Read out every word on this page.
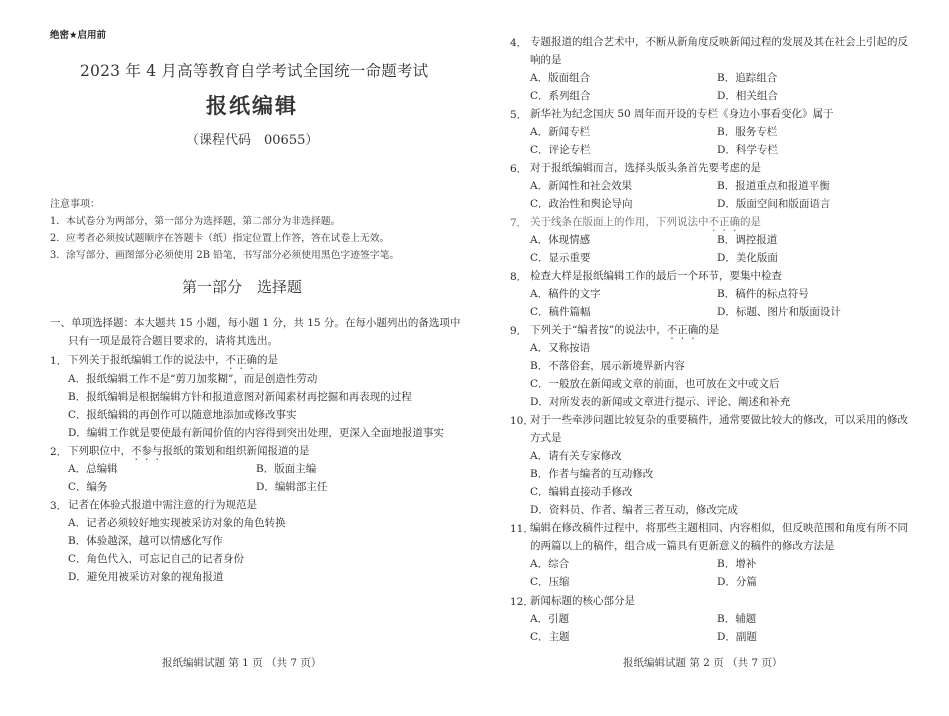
绝密★启用前
2023 年 4 月高等教育自学考试全国统一命题考试
报纸编辑
（课程代码　00655）
注意事项：
1．本试卷分为两部分，第一部分为选择题，第二部分为非选择题。
2．应考者必须按试题顺序在答题卡（纸）指定位置上作答，答在试卷上无效。
3．涂写部分、画图部分必须使用 2B 铅笔，书写部分必须使用黑色字迹签字笔。
第一部分　选择题
一、单项选择题：本大题共 15 小题，每小题 1 分，共 15 分。在每小题列出的备选项中
只有一项是最符合题目要求的，请将其选出。
1． 下列关于报纸编辑工作的说法中，不正确的是
A．报纸编辑工作不是“剪刀加浆糊”，而是创造性劳动
B．报纸编辑是根据编辑方针和报道意图对新闻素材再挖掘和再表现的过程
C．报纸编辑的再创作可以随意地添加或修改事实
D．编辑工作就是要使最有新闻价值的内容得到突出处理，更深入全面地报道事实
2． 下列职位中，不参与报纸的策划和组织新闻报道的是
A．总编辑	B．版面主编
C．编务	D．编辑部主任
3． 记者在体验式报道中需注意的行为规范是
A．记者必须较好地实现被采访对象的角色转换
B．体验越深，越可以情感化写作
C．角色代入，可忘记自己的记者身份
D．避免用被采访对象的视角报道
报纸编辑试题 第 1 页 （共 7 页）
4． 专题报道的组合艺术中，不断从新角度反映新闻过程的发展及其在社会上引起的反
响的是
A．版面组合	B．追踪组合
C．系列组合	D．相关组合
5． 新华社为纪念国庆 50 周年而开设的专栏《身边小事看变化》属于
A．新闻专栏	B．服务专栏
C．评论专栏	D．科学专栏
6． 对于报纸编辑而言，选择头版头条首先要考虑的是
A．新闻性和社会效果	B．报道重点和报道平衡
C．政治性和舆论导向	D．版面空间和版面语言
7． 关于线条在版面上的作用，下列说法中不正确的是
A．体现情感	B．调控报道
C．显示重要	D．美化版面
8． 检查大样是报纸编辑工作的最后一个环节，要集中检查
A．稿件的文字	B．稿件的标点符号
C．稿件篇幅	D．标题、图片和版面设计
9． 下列关于“编者按”的说法中，不正确的是
A．又称按语
B．不落俗套，展示新境界新内容
C．一般放在新闻或文章的前面，也可放在文中或文后
D．对所发表的新闻或文章进行提示、评论、阐述和补充
10．
对于一些牵涉问题比较复杂的重要稿件，通常要做比较大的修改，可以采用的修改
方式是
A．请有关专家修改
B．作者与编者的互动修改
C．编辑直接动手修改
D．资料员、作者、编者三者互动，修改完成
11．
编辑在修改稿件过程中，将那些主题相同、内容相似，但反映范围和角度有所不同
的两篇以上的稿件，组合成一篇具有更新意义的稿件的修改方法是
A．综合	B．增补
C．压缩	D．分篇
12．
新闻标题的核心部分是
A．引题	B．辅题
C．主题	D．副题
报纸编辑试题 第 2 页 （共 7 页）
